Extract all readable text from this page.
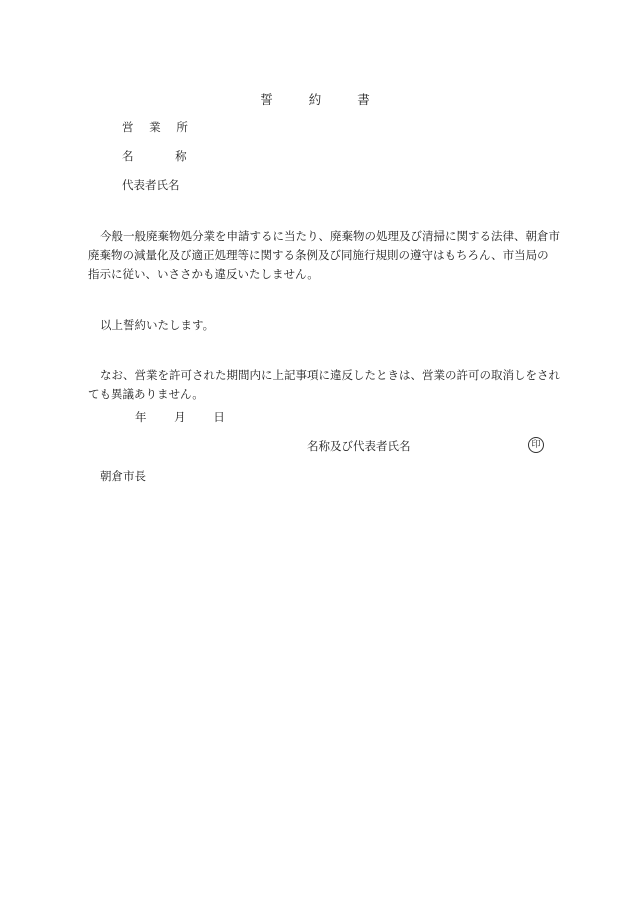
誓	約	書
営 業 所
名	称
代表者氏名
今般一般廃棄物処分業を申請するに当たり、廃棄物の処理及び清掃に関する法律、朝倉市廃棄物の減量化及び適正処理等に関する条例及び同施行規則の遵守はもちろん、市当局の指示に従い、いささかも違反いたしません。
以上誓約いたします。
なお、営業を許可された期間内に上記事項に違反したときは、営業の許可の取消しをされても異議ありません。
年 月 日
名称及び代表者氏名	印
朝倉市長
